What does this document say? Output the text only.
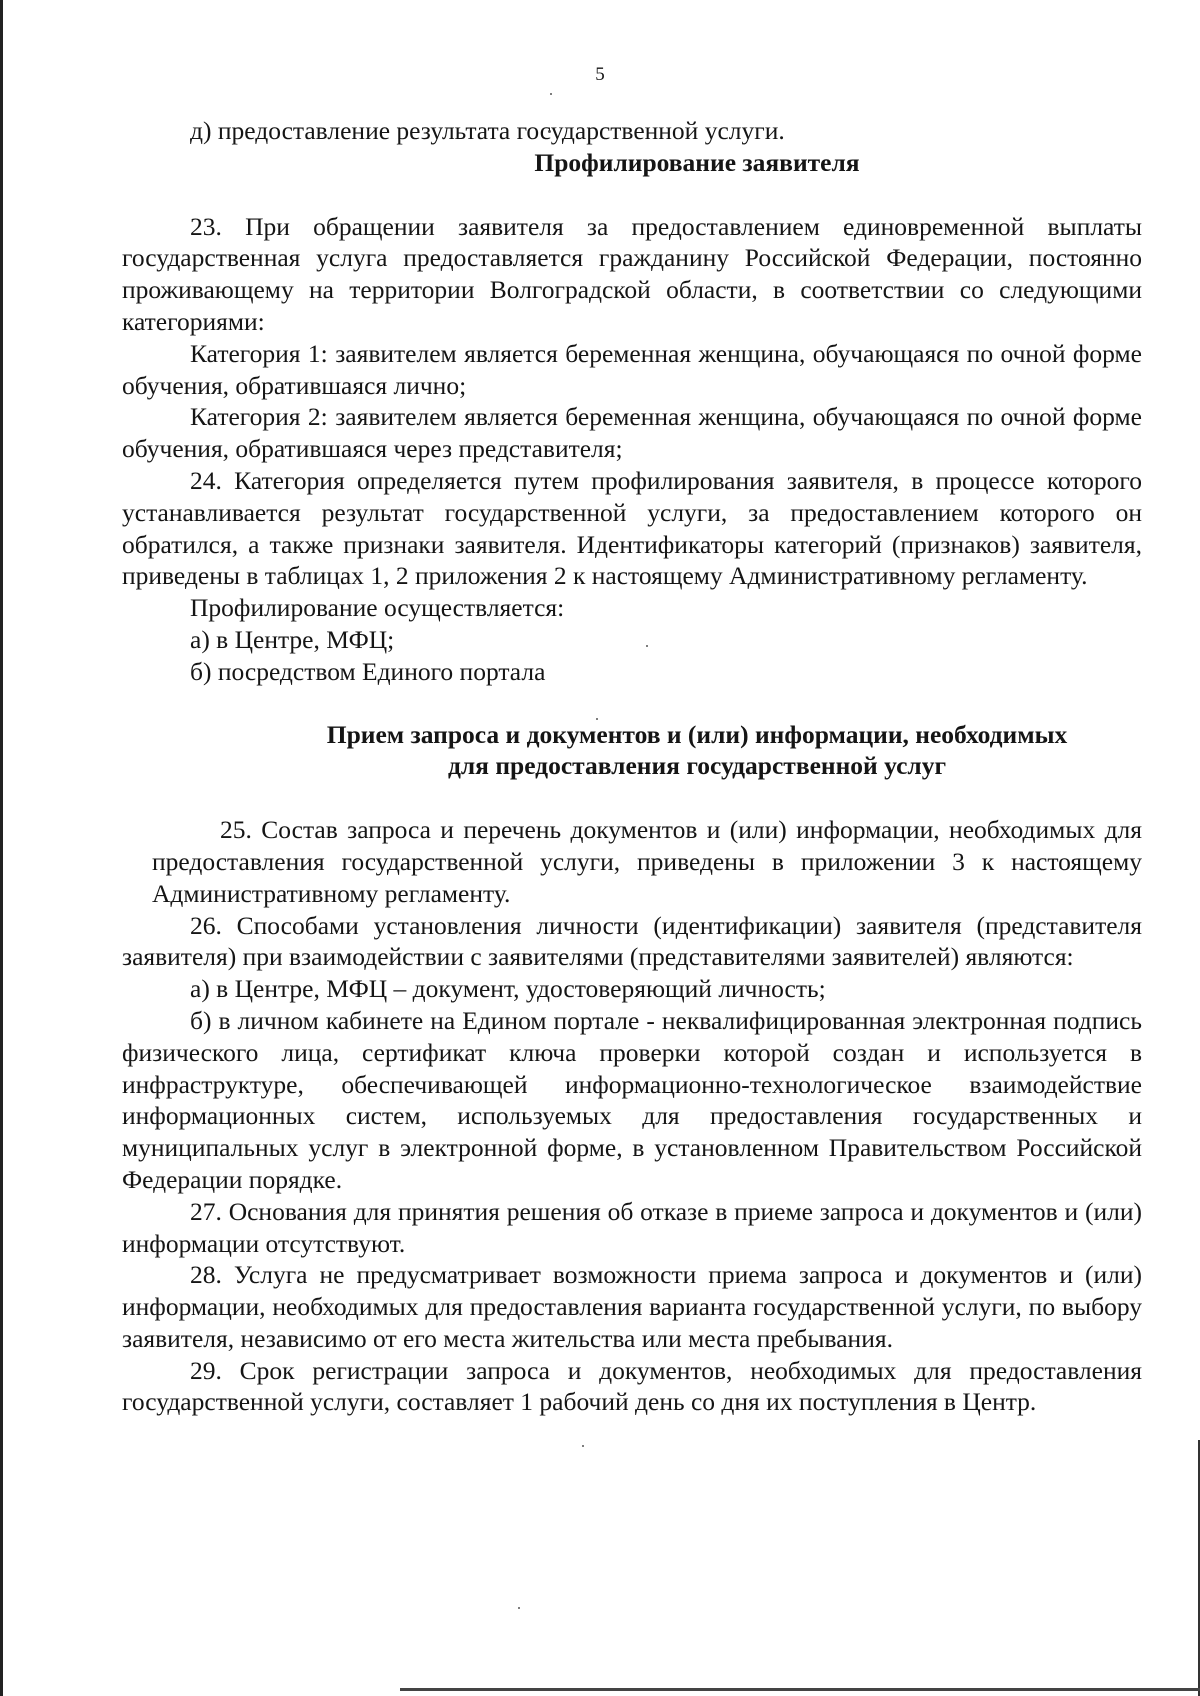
5

д) предоставление результата государственной услуги.

Профилирование заявителя

23. При обращении заявителя за предоставлением единовременной выплаты государственная услуга предоставляется гражданину Российской Федерации, постоянно проживающему на территории Волгоградской области, в соответствии со следующими категориями:

Категория 1: заявителем является беременная женщина, обучающаяся по очной форме обучения, обратившаяся лично;

Категория 2: заявителем является беременная женщина, обучающаяся по очной форме обучения, обратившаяся через представителя;

24. Категория определяется путем профилирования заявителя, в процессе которого устанавливается результат государственной услуги, за предоставлением которого он обратился, а также признаки заявителя. Идентификаторы категорий (признаков) заявителя, приведены в таблицах 1, 2 приложения 2 к настоящему Административному регламенту.

Профилирование осуществляется:

а) в Центре, МФЦ;

б) посредством Единого портала

Прием запроса и документов и (или) информации, необходимых

для предоставления государственной услуг

25. Состав запроса и перечень документов и (или) информации, необходимых для предоставления государственной услуги, приведены в приложении 3 к настоящему Административному регламенту.

26. Способами установления личности (идентификации) заявителя (представителя заявителя) при взаимодействии с заявителями (представителями заявителей) являются:

а) в Центре, МФЦ – документ, удостоверяющий личность;

б) в личном кабинете на Едином портале - неквалифицированная электронная подпись физического лица, сертификат ключа проверки которой создан и используется в инфраструктуре, обеспечивающей информационно-технологическое взаимодействие информационных систем, используемых для предоставления государственных и муниципальных услуг в электронной форме, в установленном Правительством Российской Федерации порядке.

27. Основания для принятия решения об отказе в приеме запроса и документов и (или) информации отсутствуют.

28. Услуга не предусматривает возможности приема запроса и документов и (или) информации, необходимых для предоставления варианта государственной услуги, по выбору заявителя, независимо от его места жительства или места пребывания.

29. Срок регистрации запроса и документов, необходимых для предоставления государственной услуги, составляет 1 рабочий день со дня их поступления в Центр.
